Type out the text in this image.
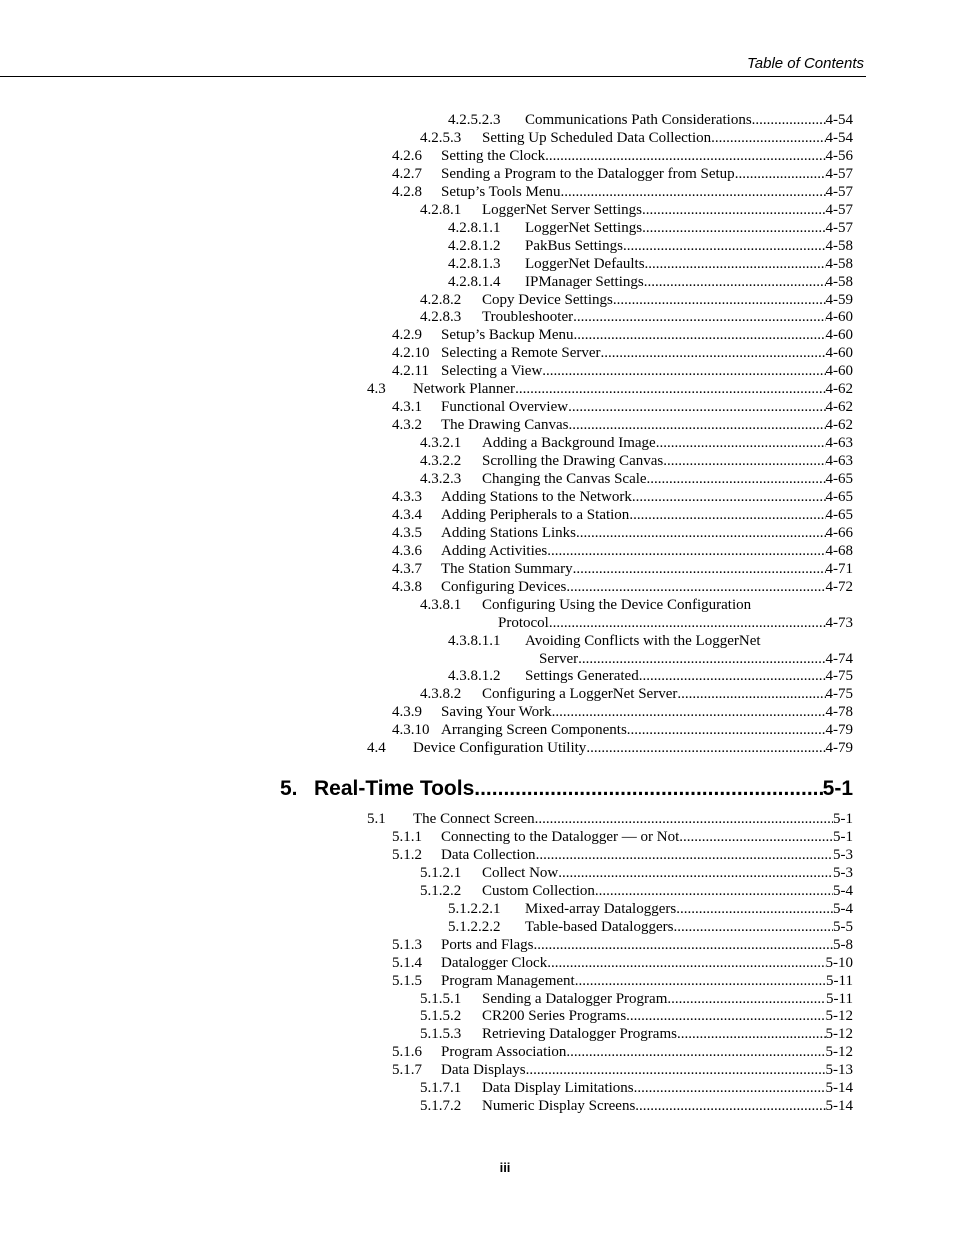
Table of Contents
4.2.5.2.3	Communications Path Considerations .....	4-54
4.2.5.3	Setting Up Scheduled Data Collection .....	4-54
4.2.6	Setting the Clock .....	4-56
4.2.7	Sending a Program to the Datalogger from Setup .....	4-57
4.2.8	Setup’s Tools Menu .....	4-57
4.2.8.1	LoggerNet Server Settings .....	4-57
4.2.8.1.1	LoggerNet Settings .....	4-57
4.2.8.1.2	PakBus Settings .....	4-58
4.2.8.1.3	LoggerNet Defaults .....	4-58
4.2.8.1.4	IPManager Settings .....	4-58
4.2.8.2	Copy Device Settings .....	4-59
4.2.8.3	Troubleshooter .....	4-60
4.2.9	Setup’s Backup Menu .....	4-60
4.2.10 Selecting a Remote Server .....	4-60
4.2.11 Selecting a View .....	4-60
4.3	Network Planner .....	4-62
4.3.1	Functional Overview .....	4-62
4.3.2	The Drawing Canvas .....	4-62
4.3.2.1	Adding a Background Image .....	4-63
4.3.2.2	Scrolling the Drawing Canvas .....	4-63
4.3.2.3	Changing the Canvas Scale .....	4-65
4.3.3	Adding Stations to the Network .....	4-65
4.3.4	Adding Peripherals to a Station .....	4-65
4.3.5	Adding Stations Links .....	4-66
4.3.6	Adding Activities .....	4-68
4.3.7	The Station Summary .....	4-71
4.3.8	Configuring Devices .....	4-72
4.3.8.1	Configuring Using the Device Configuration
Protocol .....	4-73
4.3.8.1.1	Avoiding Conflicts with the LoggerNet
Server .....	4-74
4.3.8.1.2	Settings Generated .....	4-75
4.3.8.2	Configuring a LoggerNet Server .....	4-75
4.3.9	Saving Your Work .....	4-78
4.3.10 Arranging Screen Components .....	4-79
4.4	Device Configuration Utility .....	4-79
5. Real-Time Tools .....	5-1
5.1	The Connect Screen .....	5-1
5.1.1	Connecting to the Datalogger — or Not .....	5-1
5.1.2	Data Collection .....	5-3
5.1.2.1	Collect Now .....	5-3
5.1.2.2	Custom Collection .....	5-4
5.1.2.2.1	Mixed-array Dataloggers .....	5-4
5.1.2.2.2	Table-based Dataloggers .....	5-5
5.1.3	Ports and Flags .....	5-8
5.1.4	Datalogger Clock .....	5-10
5.1.5	Program Management .....	5-11
5.1.5.1	Sending a Datalogger Program .....	5-11
5.1.5.2	CR200 Series Programs .....	5-12
5.1.5.3	Retrieving Datalogger Programs .....	5-12
5.1.6	Program Association .....	5-12
5.1.7	Data Displays .....	5-13
5.1.7.1	Data Display Limitations .....	5-14
5.1.7.2	Numeric Display Screens .....	5-14
iii
